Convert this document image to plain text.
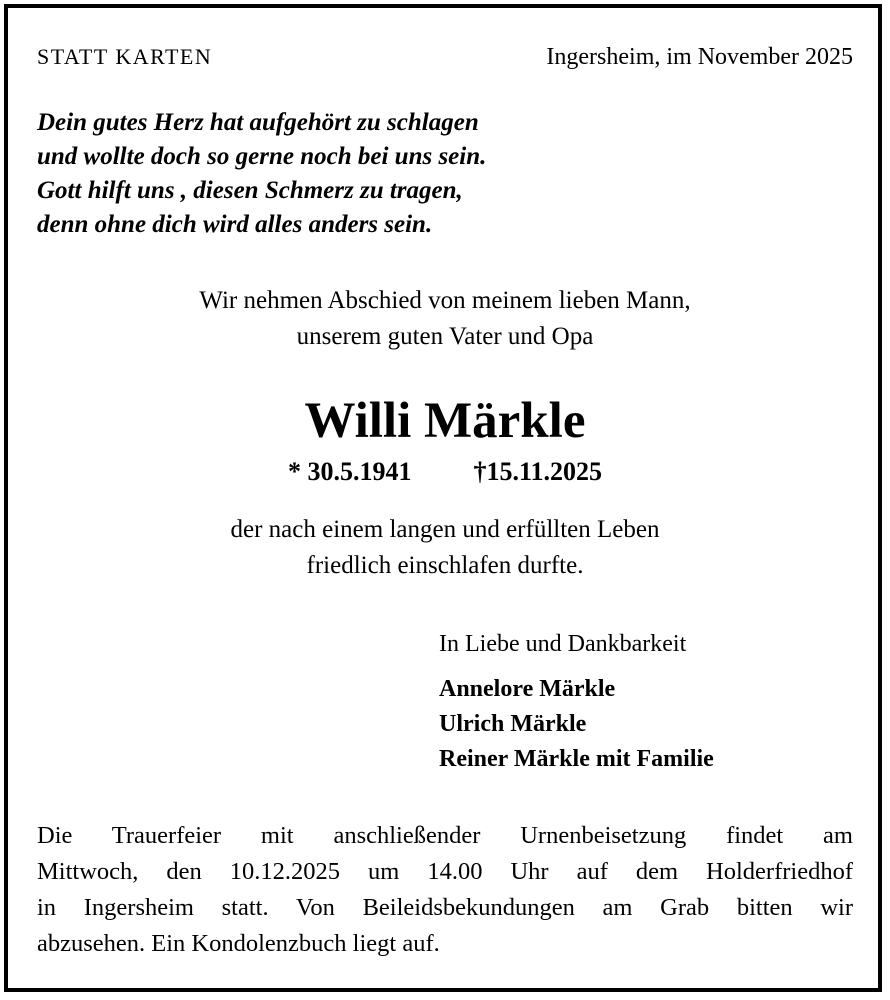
STATT KARTEN	Ingersheim, im November 2025
Dein gutes Herz hat aufgehört zu schlagen
und wollte doch so gerne noch bei uns sein.
Gott hilft uns , diesen Schmerz zu tragen,
denn ohne dich wird alles anders sein.
Wir nehmen Abschied von meinem lieben Mann,
unserem guten Vater und Opa
Willi Märkle
* 30.5.1941 †15.11.2025
der nach einem langen und erfüllten Leben
friedlich einschlafen durfte.
In Liebe und Dankbarkeit
Annelore Märkle
Ulrich Märkle
Reiner Märkle mit Familie
Die Trauerfeier mit anschließender Urnenbeisetzung findet am
Mittwoch, den 10.12.2025 um 14.00 Uhr auf dem Holderfriedhof
in Ingersheim statt. Von Beileidsbekundungen am Grab bitten wir
abzusehen. Ein Kondolenzbuch liegt auf.
